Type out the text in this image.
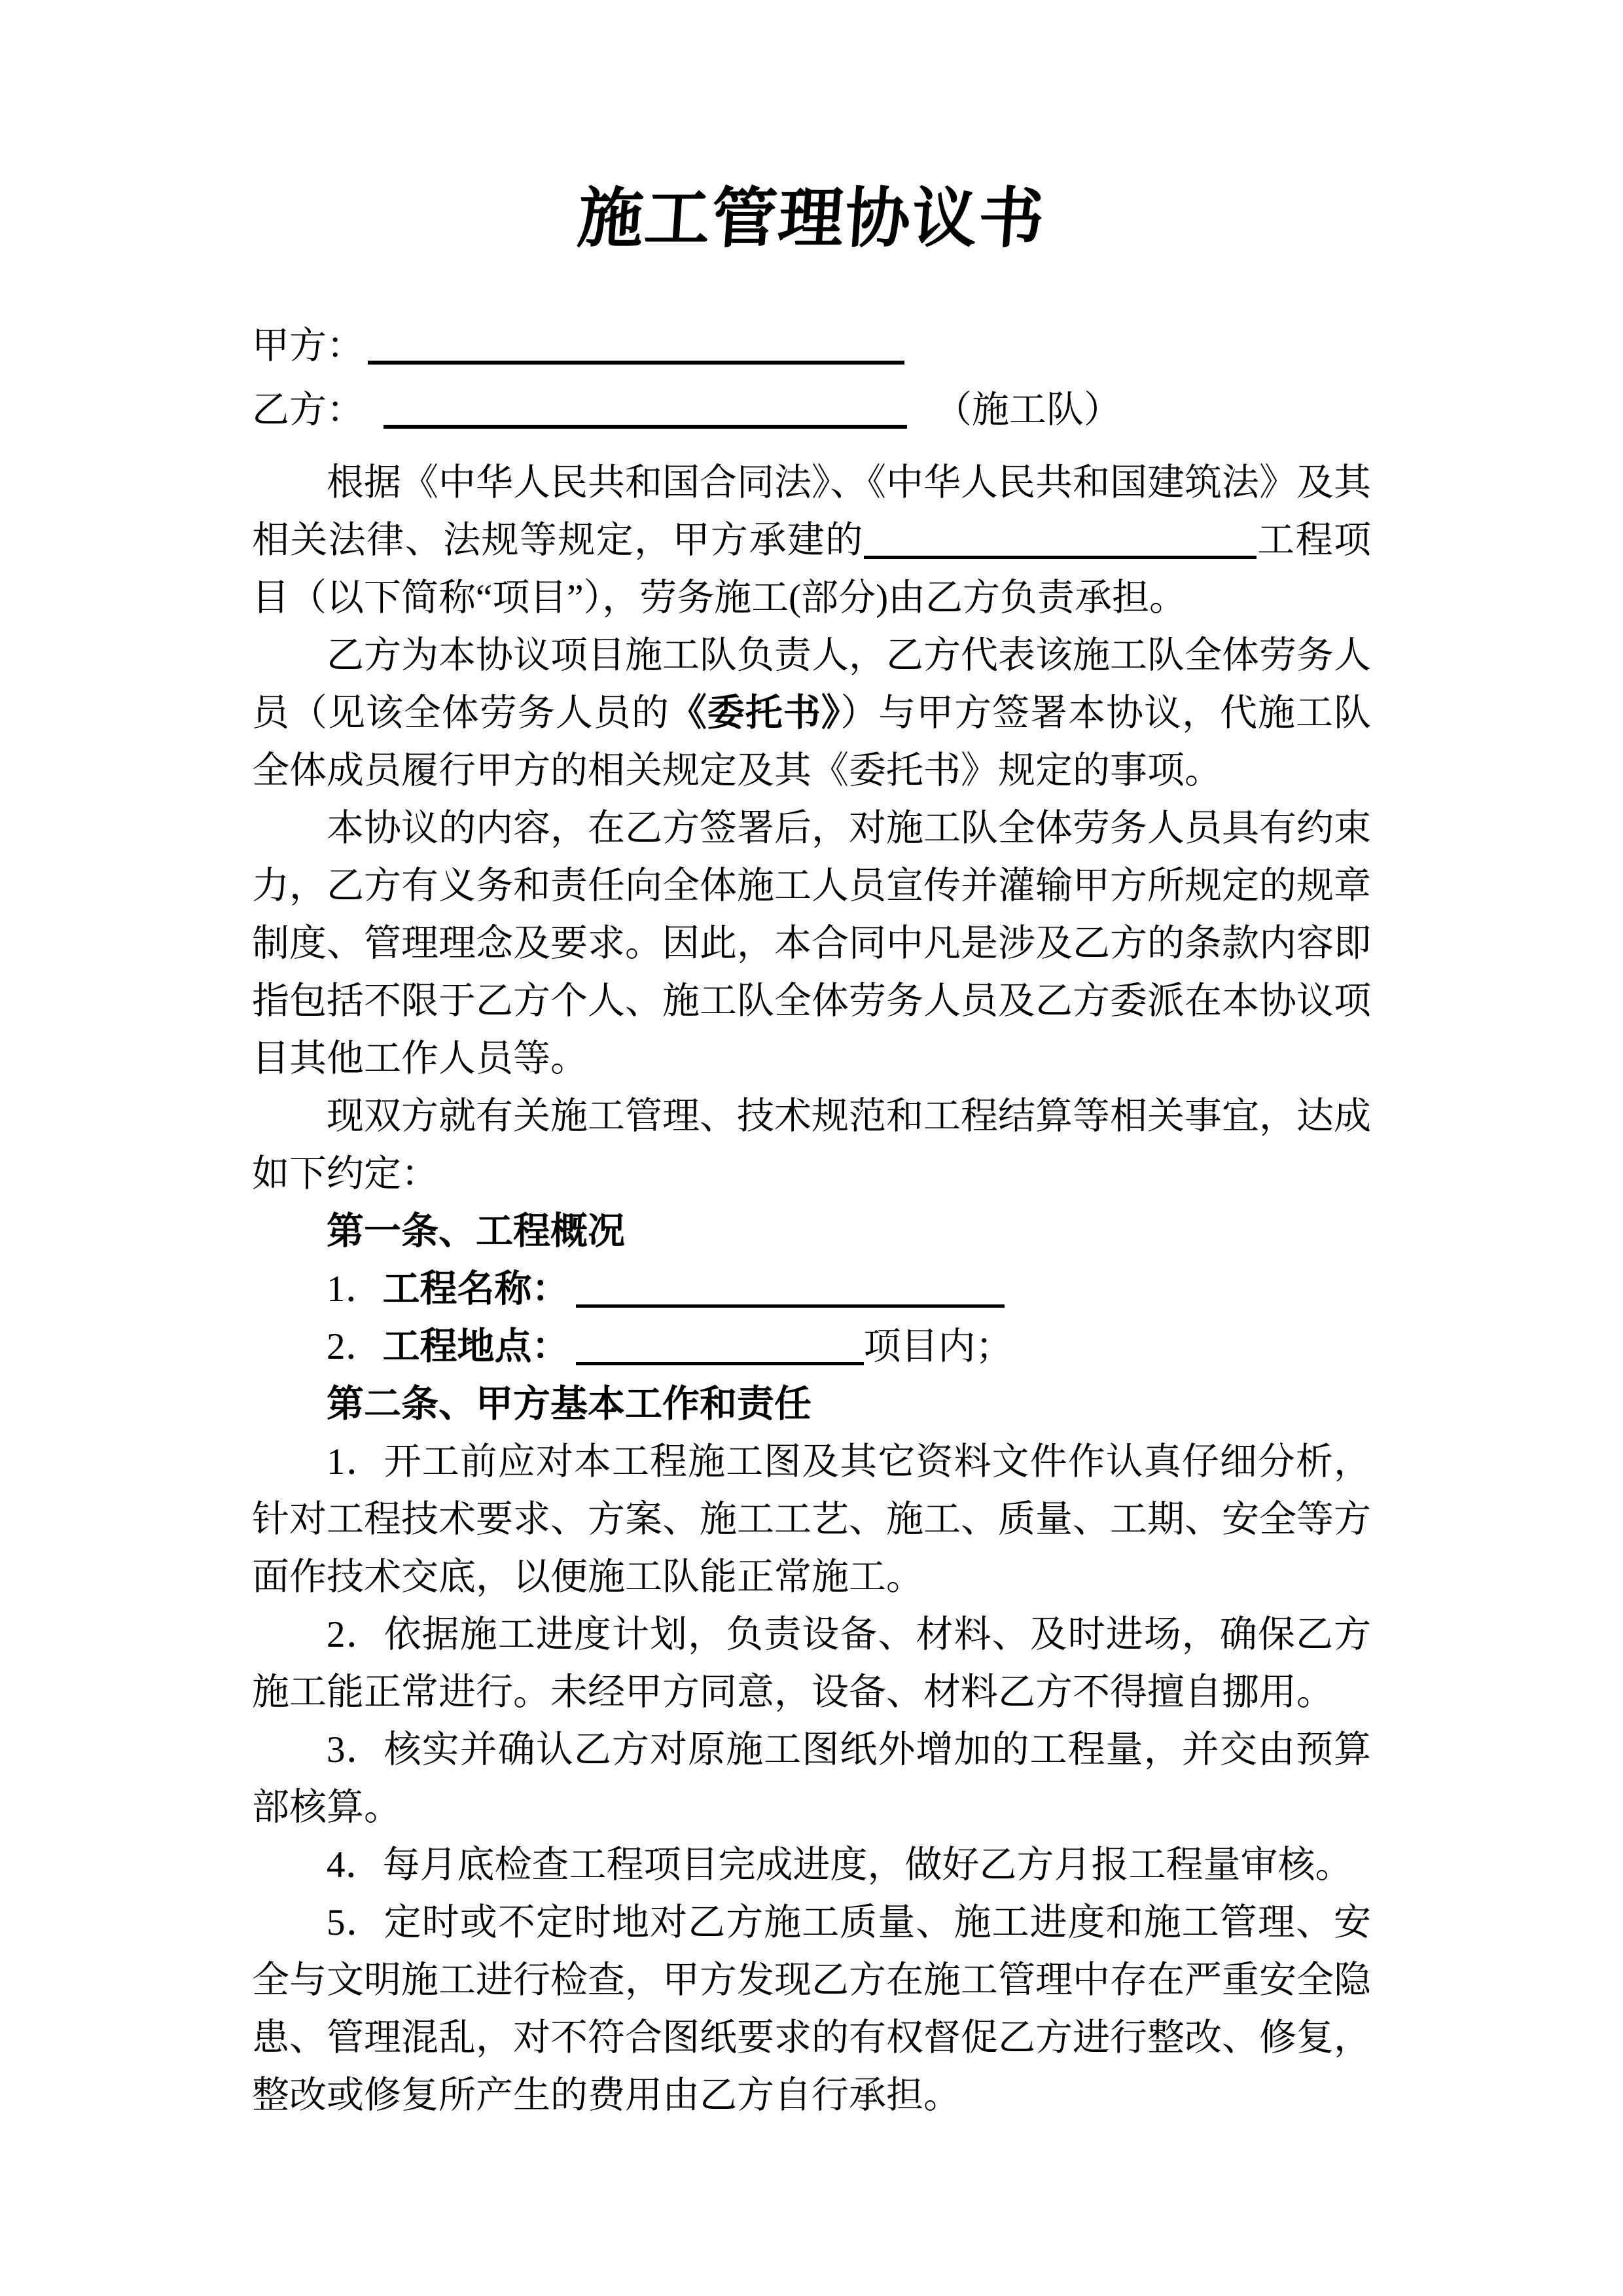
施工管理协议书
甲方：
乙方：	（施工队）

根据《中华人民共和国合同法》、《中华人民共和国建筑法》及其相关法律、法规等规定，甲方承建的	工程项目（以下简称“项目”），劳务施工(部分)由乙方负责承担。

乙方为本协议项目施工队负责人，乙方代表该施工队全体劳务人员（见该全体劳务人员的《委托书》）与甲方签署本协议，代施工队全体成员履行甲方的相关规定及其《委托书》规定的事项。

本协议的内容，在乙方签署后，对施工队全体劳务人员具有约束力，乙方有义务和责任向全体施工人员宣传并灌输甲方所规定的规章制度、管理理念及要求。因此，本合同中凡是涉及乙方的条款内容即指包括不限于乙方个人、施工队全体劳务人员及乙方委派在本协议项目其他工作人员等。

现双方就有关施工管理、技术规范和工程结算等相关事宜，达成如下约定：

第一条、工程概况

1．工程名称：

2．工程地点：	项目内；

第二条、甲方基本工作和责任

1．开工前应对本工程施工图及其它资料文件作认真仔细分析，针对工程技术要求、方案、施工工艺、施工、质量、工期、安全等方面作技术交底，以便施工队能正常施工。

2．依据施工进度计划，负责设备、材料、及时进场，确保乙方施工能正常进行。未经甲方同意，设备、材料乙方不得擅自挪用。

3．核实并确认乙方对原施工图纸外增加的工程量，并交由预算部核算。

4．每月底检查工程项目完成进度，做好乙方月报工程量审核。

5．定时或不定时地对乙方施工质量、施工进度和施工管理、安全与文明施工进行检查，甲方发现乙方在施工管理中存在严重安全隐患、管理混乱，对不符合图纸要求的有权督促乙方进行整改、修复，整改或修复所产生的费用由乙方自行承担。
